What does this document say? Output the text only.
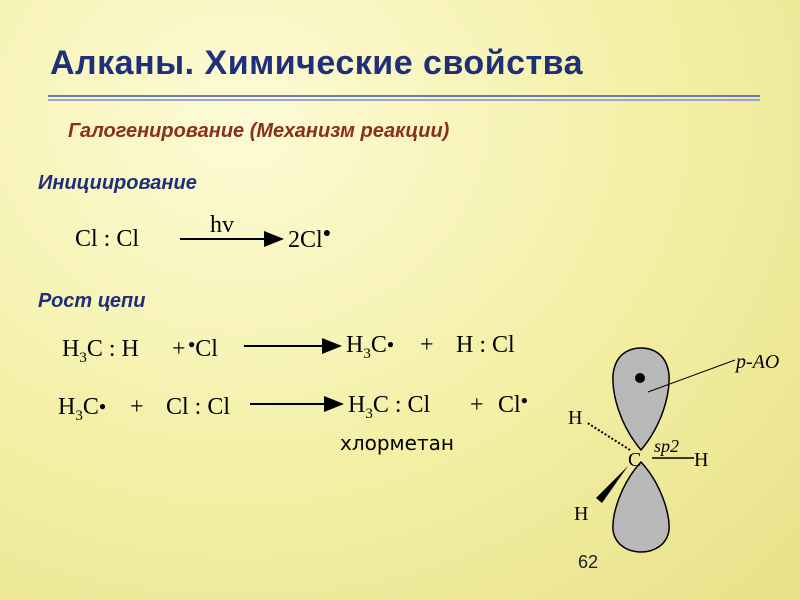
Алканы. Химические свойства
Галогенирование (Механизм реакции)
Инициирование
Cl : Cl
hv
2Cl●
Рост цепи
$H_3C$ : H + ●Cl	$H_3C● + H$ : Cl
$H_3C● + Cl$ : Cl	$H_3C$ : Cl + Cl●
хлорметан
p-AO
C
sp2
H
H
H
62
